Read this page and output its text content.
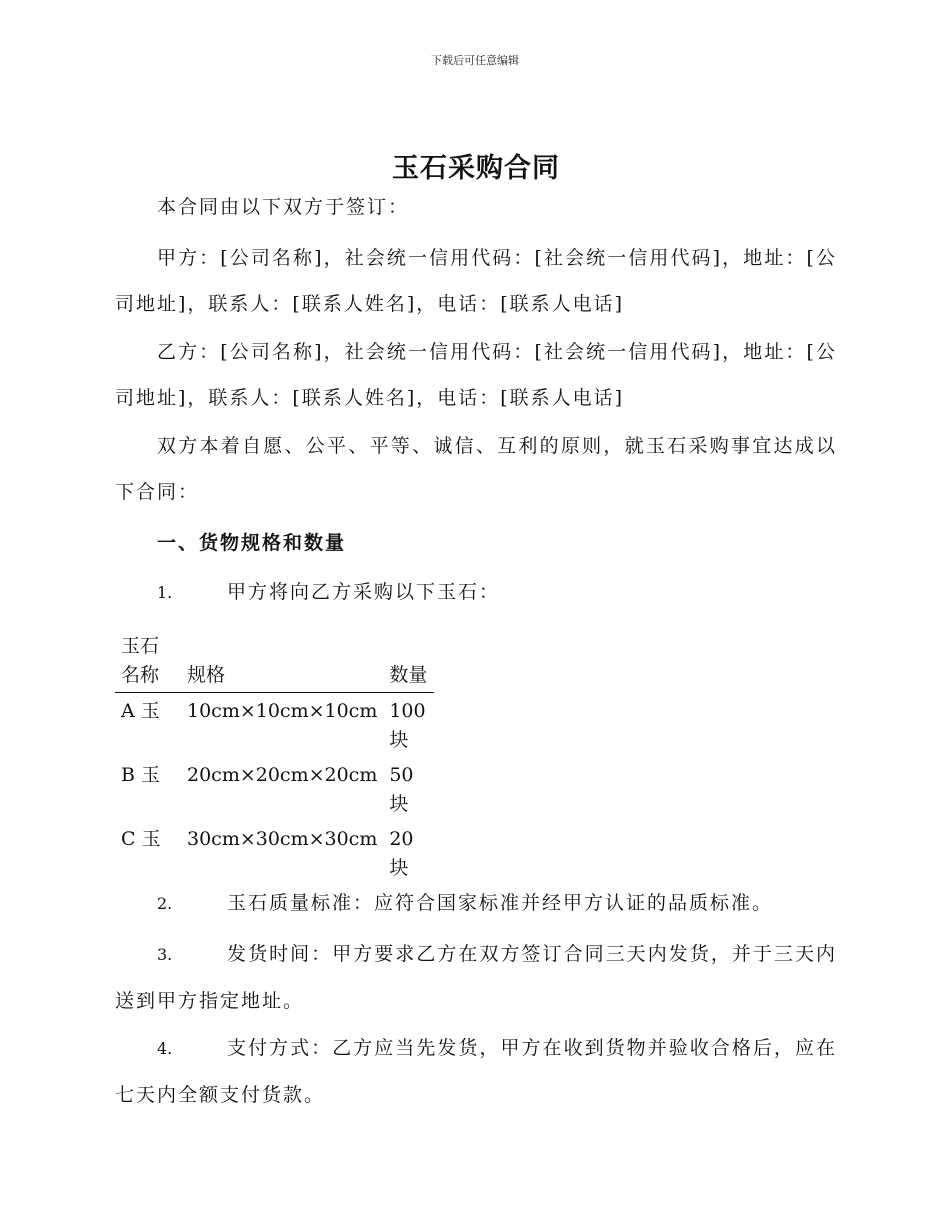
下载后可任意编辑
玉石采购合同
本合同由以下双方于签订：
甲方：[公司名称]，社会统一信用代码：[社会统一信用代码]，地址：[公司地址]，联系人：[联系人姓名]，电话：[联系人电话]
乙方：[公司名称]，社会统一信用代码：[社会统一信用代码]，地址：[公司地址]，联系人：[联系人姓名]，电话：[联系人电话]
双方本着自愿、公平、平等、诚信、互利的原则，就玉石采购事宜达成以下合同：
一、货物规格和数量
1.	甲方将向乙方采购以下玉石：
玉石名称	规格	数量
A 玉	10cm×10cm×10cm	100块
B 玉	20cm×20cm×20cm	50块
C 玉	30cm×30cm×30cm	20块
2.	玉石质量标准：应符合国家标准并经甲方认证的品质标准。
3.	发货时间：甲方要求乙方在双方签订合同三天内发货，并于三天内送到甲方指定地址。
4.	支付方式：乙方应当先发货，甲方在收到货物并验收合格后，应在七天内全额支付货款。
